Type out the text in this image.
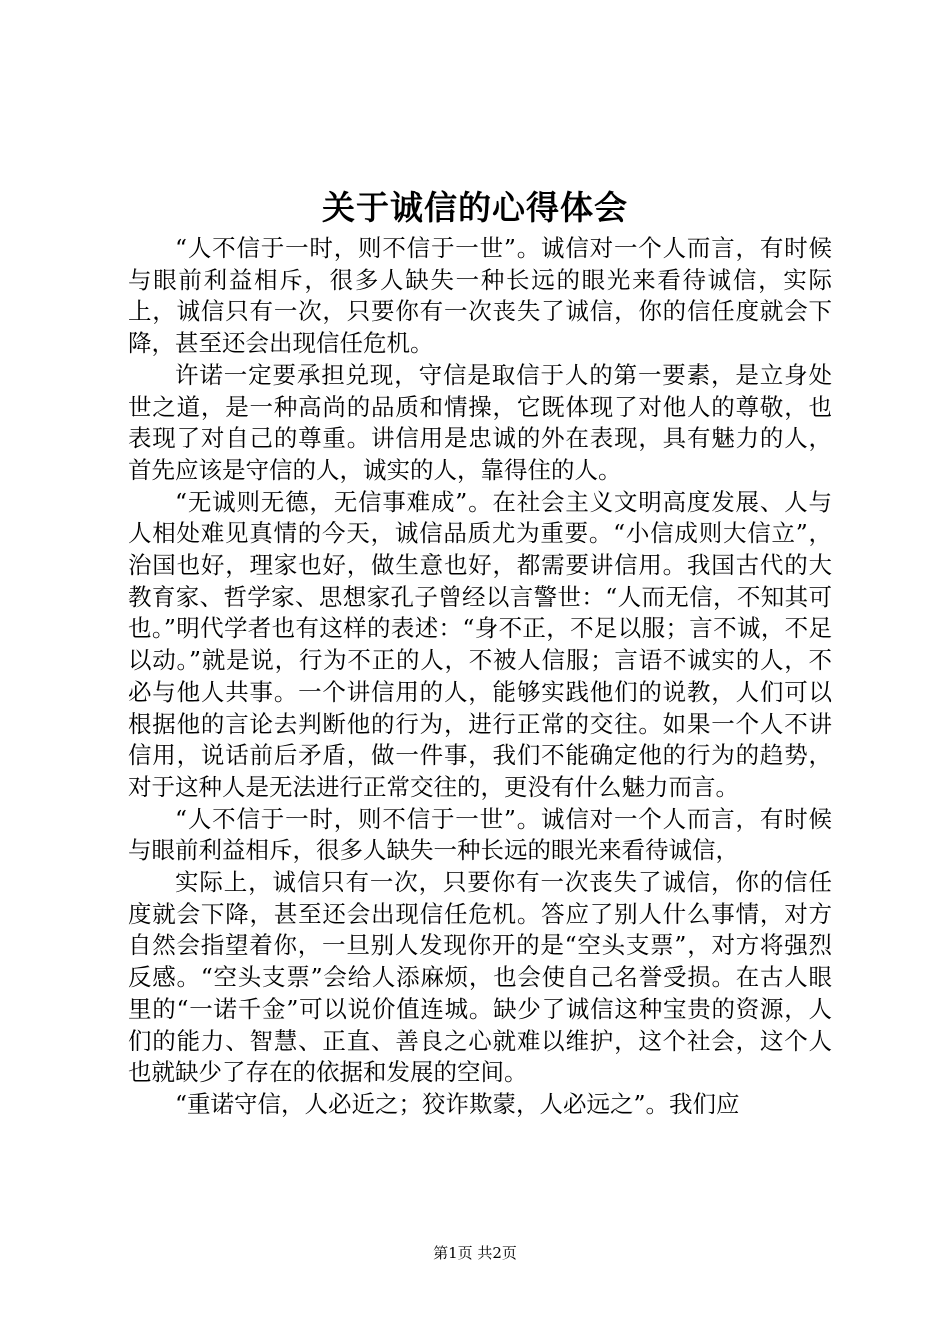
关于诚信的心得体会

“人不信于一时，则不信于一世”。诚信对一个人而言，有时候与眼前利益相斥，很多人缺失一种长远的眼光来看待诚信，实际上，诚信只有一次，只要你有一次丧失了诚信，你的信任度就会下降，甚至还会出现信任危机。

许诺一定要承担兑现，守信是取信于人的第一要素，是立身处世之道，是一种高尚的品质和情操，它既体现了对他人的尊敬，也表现了对自己的尊重。讲信用是忠诚的外在表现，具有魅力的人，首先应该是守信的人，诚实的人，靠得住的人。

“无诚则无德，无信事难成”。在社会主义文明高度发展、人与人相处难见真情的今天，诚信品质尤为重要。“小信成则大信立”，治国也好，理家也好，做生意也好，都需要讲信用。我国古代的大教育家、哲学家、思想家孔子曾经以言警世：“人而无信，不知其可也。”明代学者也有这样的表述：“身不正，不足以服；言不诚，不足以动。”就是说，行为不正的人，不被人信服；言语不诚实的人，不必与他人共事。一个讲信用的人，能够实践他们的说教，人们可以根据他的言论去判断他的行为，进行正常的交往。如果一个人不讲信用，说话前后矛盾，做一件事，我们不能确定他的行为的趋势，对于这种人是无法进行正常交往的，更没有什么魅力而言。

“人不信于一时，则不信于一世”。诚信对一个人而言，有时候与眼前利益相斥，很多人缺失一种长远的眼光来看待诚信，

实际上，诚信只有一次，只要你有一次丧失了诚信，你的信任度就会下降，甚至还会出现信任危机。答应了别人什么事情，对方自然会指望着你，一旦别人发现你开的是“空头支票”，对方将强烈反感。“空头支票”会给人添麻烦，也会使自己名誉受损。在古人眼里的“一诺千金”可以说价值连城。缺少了诚信这种宝贵的资源，人们的能力、智慧、正直、善良之心就难以维护，这个社会，这个人也就缺少了存在的依据和发展的空间。

“重诺守信，人必近之；狡诈欺蒙，人必远之”。我们应

第1页 共2页
